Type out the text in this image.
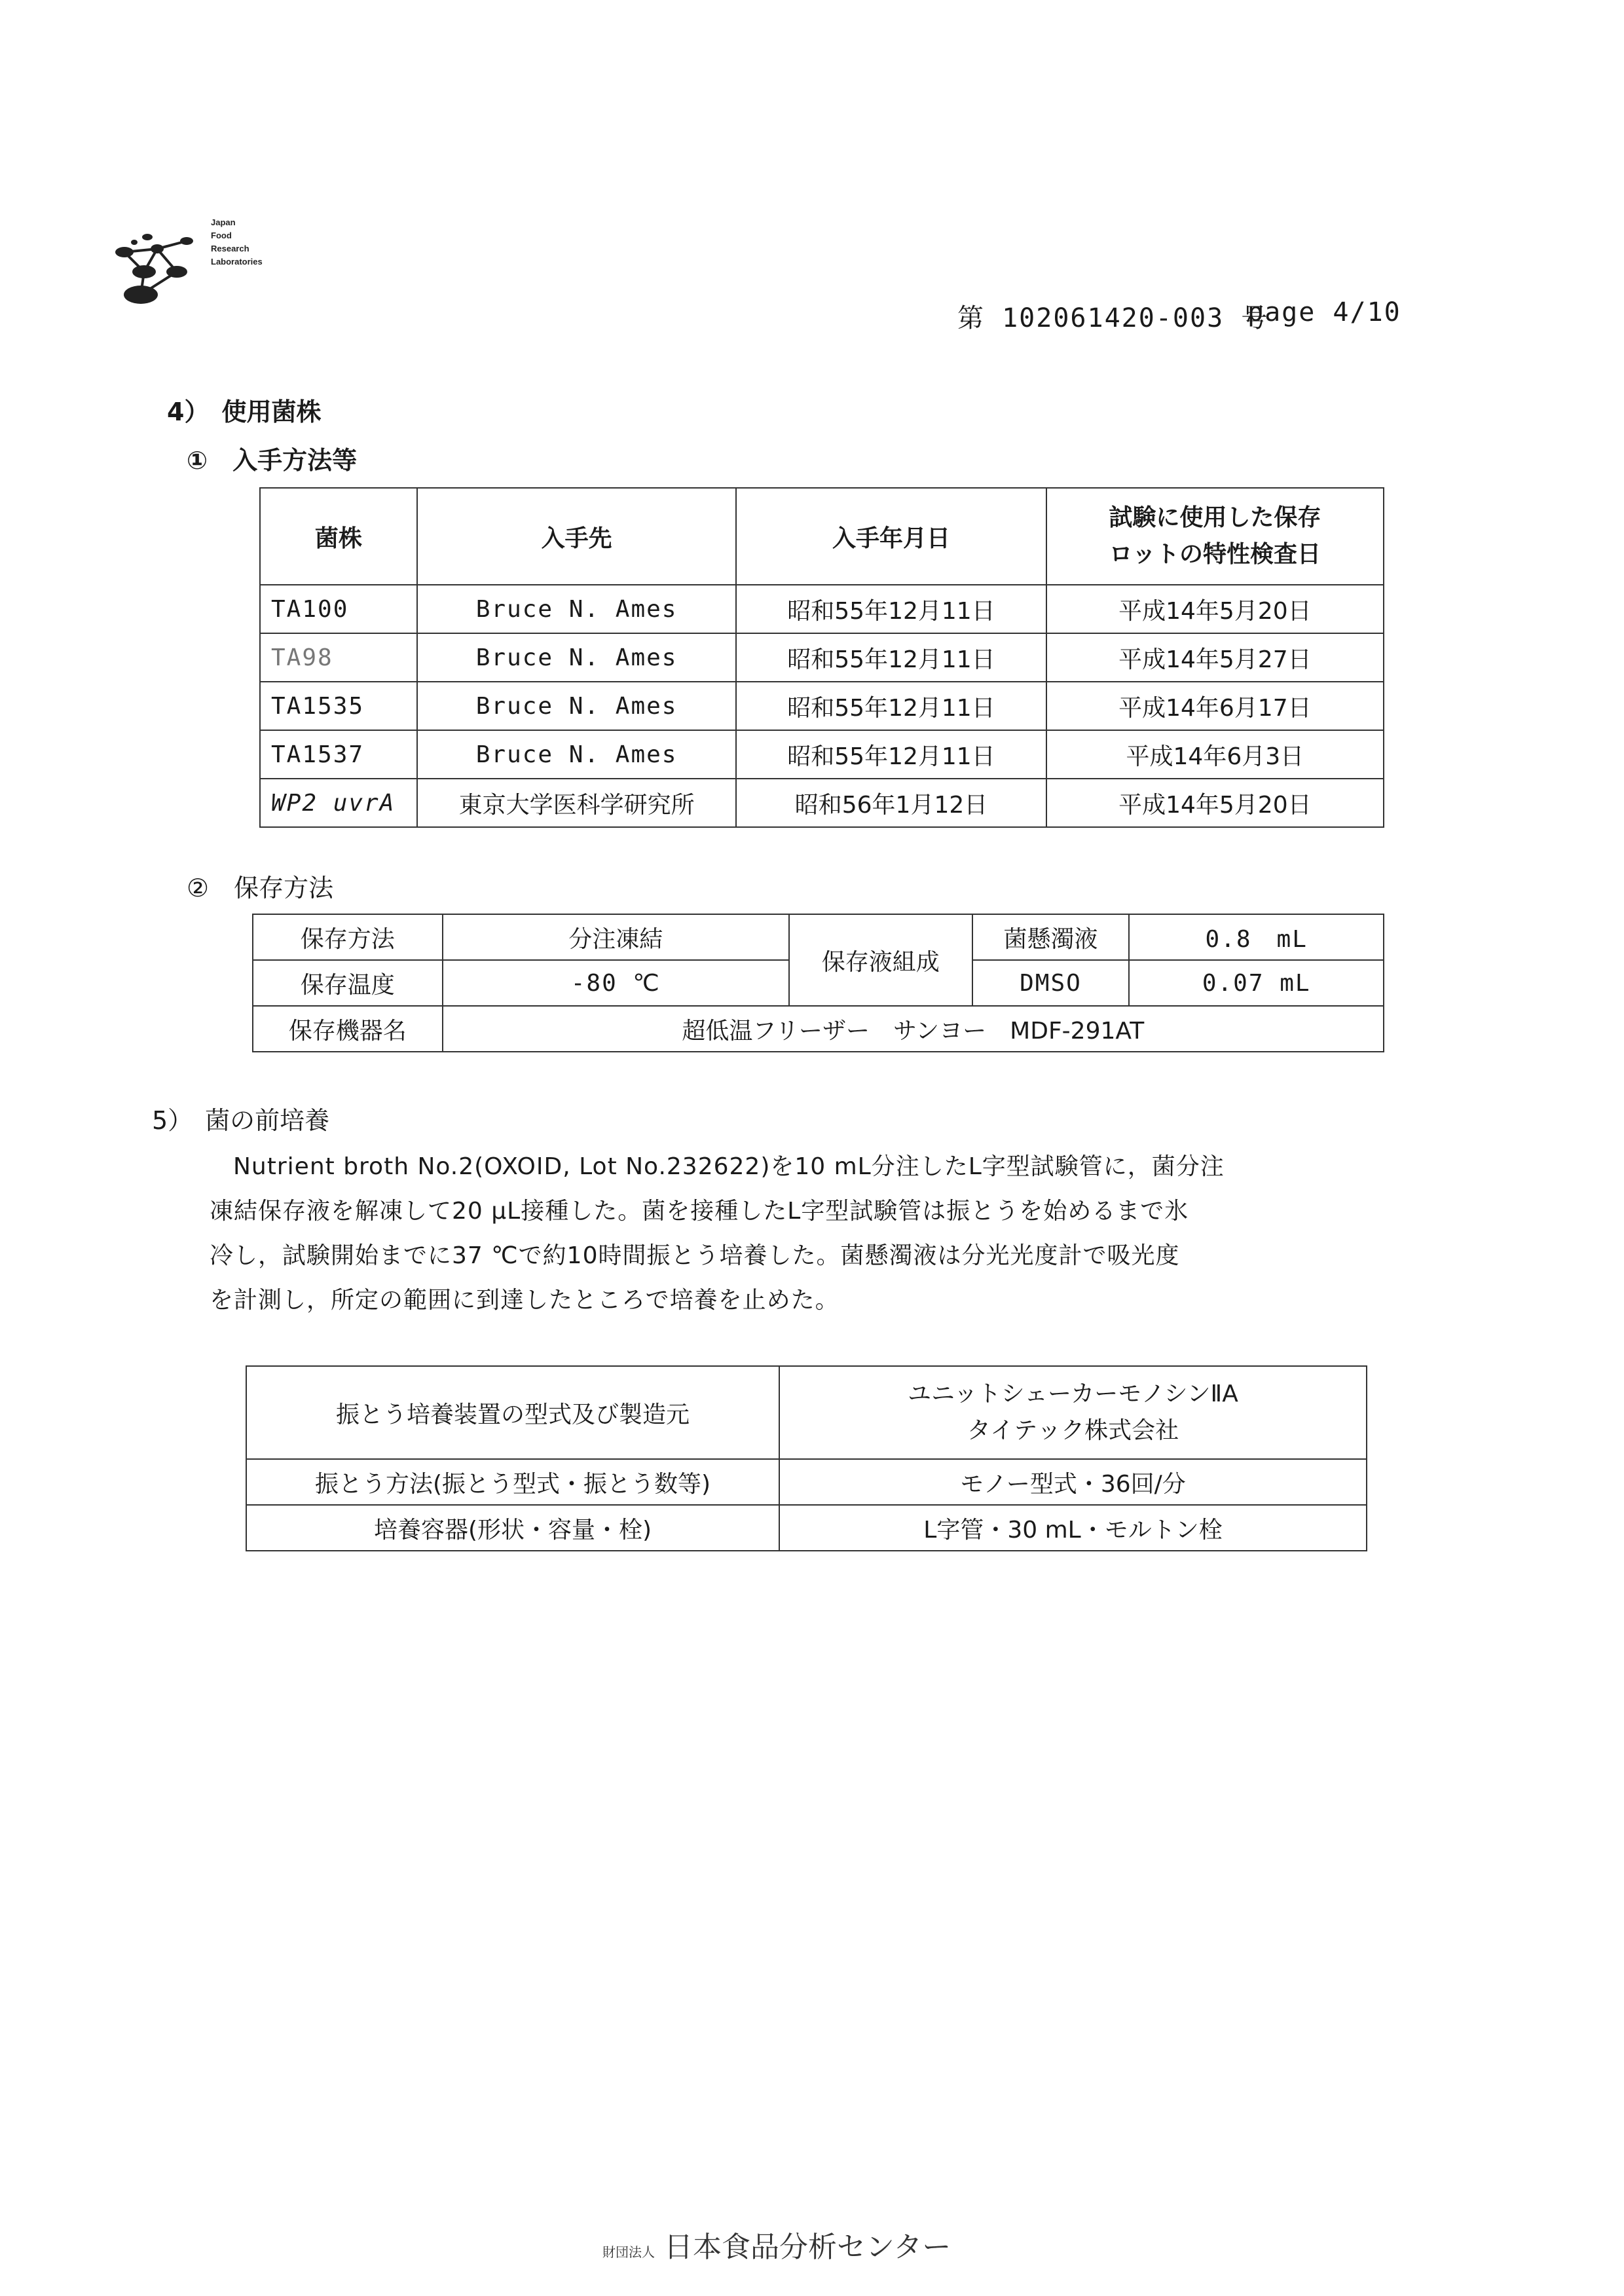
Japan
Food
Research
Laboratories
第 102061420-003 号
page 4/10
4）　使用菌株
①　入手方法等
菌株	入手先	入手年月日	試験に使用した保存
ロットの特性検査日

TA100	Bruce N. Ames	昭和55年12月11日	平成14年5月20日
TA98	Bruce N. Ames	昭和55年12月11日	平成14年5月27日
TA1535	Bruce N. Ames	昭和55年12月11日	平成14年6月17日
TA1537	Bruce N. Ames	昭和55年12月11日	平成14年6月3日
WP2 uvrA	東京大学医科学研究所	昭和56年1月12日	平成14年5月20日
②　保存方法
保存方法	分注凍結	保存液組成	菌懸濁液	0.8　mL
保存温度	-80 ℃		DMSO	0.07 mL
保存機器名	超低温フリーザー　サンヨー　MDF-291AT			
5）　菌の前培養
Nutrient broth No.2(OXOID, Lot No.232622)を10 mL分注したL字型試験管に，菌分注
凍結保存液を解凍して20 μL接種した。菌を接種したL字型試験管は振とうを始めるまで氷
冷し，試験開始までに37 ℃で約10時間振とう培養した。菌懸濁液は分光光度計で吸光度
を計測し，所定の範囲に到達したところで培養を止めた。
振とう培養装置の型式及び製造元	ユニットシェーカーモノシンⅡA
タイテック株式会社

振とう方法(振とう型式・振とう数等)	モノー型式・36回/分
培養容器(形状・容量・栓)	L字管・30 mL・モルトン栓
財団法人 日本食品分析センター
